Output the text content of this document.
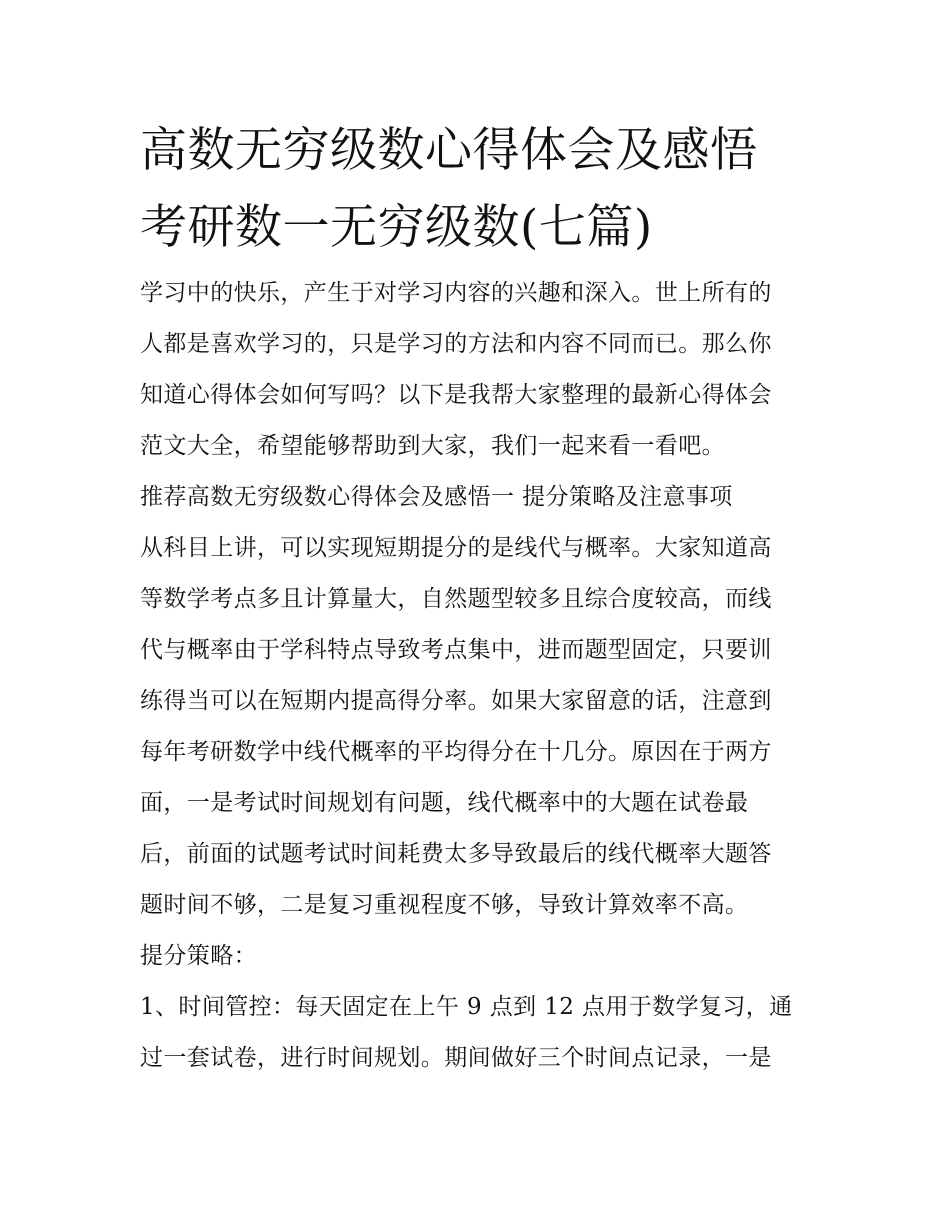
高数无穷级数心得体会及感悟
考研数一无穷级数(七篇)
学习中的快乐，产生于对学习内容的兴趣和深入。世上所有的
人都是喜欢学习的，只是学习的方法和内容不同而已。那么你
知道心得体会如何写吗？以下是我帮大家整理的最新心得体会
范文大全，希望能够帮助到大家，我们一起来看一看吧。
推荐高数无穷级数心得体会及感悟一 提分策略及注意事项
从科目上讲，可以实现短期提分的是线代与概率。大家知道高
等数学考点多且计算量大，自然题型较多且综合度较高，而线
代与概率由于学科特点导致考点集中，进而题型固定，只要训
练得当可以在短期内提高得分率。如果大家留意的话，注意到
每年考研数学中线代概率的平均得分在十几分。原因在于两方
面，一是考试时间规划有问题，线代概率中的大题在试卷最
后，前面的试题考试时间耗费太多导致最后的线代概率大题答
题时间不够，二是复习重视程度不够，导致计算效率不高。
提分策略：
1、时间管控：每天固定在上午 9 点到 12 点用于数学复习，通
过一套试卷，进行时间规划。期间做好三个时间点记录，一是
